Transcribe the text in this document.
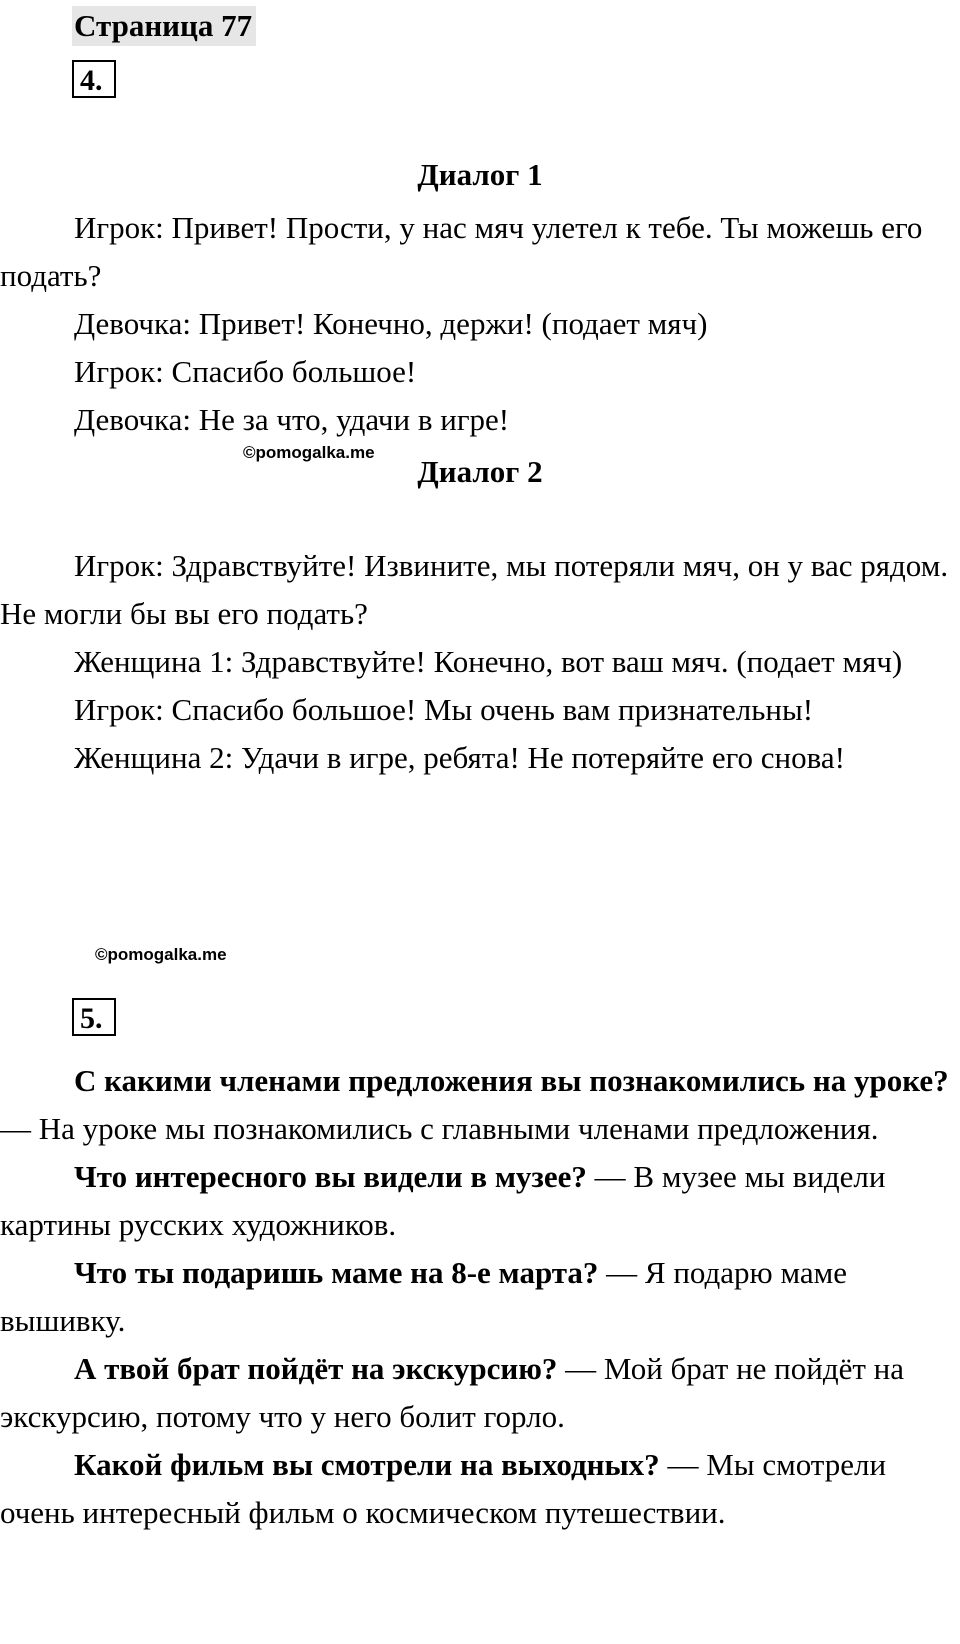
Страница 77
4.
Диалог 1

Игрок: Привет! Прости, у нас мяч улетел к тебе. Ты можешь его подать?

Девочка: Привет! Конечно, держи! (подает мяч)

Игрок: Спасибо большое!

Девочка: Не за что, удачи в игре!

©pomogalka.me
Диалог 2

Игрок: Здравствуйте! Извините, мы потеряли мяч, он у вас рядом. Не могли бы вы его подать?

Женщина 1: Здравствуйте! Конечно, вот ваш мяч. (подает мяч)

Игрок: Спасибо большое! Мы очень вам признательны!

Женщина 2: Удачи в игре, ребята! Не потеряйте его снова!

©pomogalka.me
5.

С какими членами предложения вы познакомились на уроке? — На уроке мы познакомились с главными членами предложения.

Что интересного вы видели в музее? — В музее мы видели картины русских художников.

Что ты подаришь маме на 8-е марта? — Я подарю маме вышивку.

А твой брат пойдёт на экскурсию? — Мой брат не пойдёт на экскурсию, потому что у него болит горло.

Какой фильм вы смотрели на выходных? — Мы смотрели очень интересный фильм о космическом путешествии.
